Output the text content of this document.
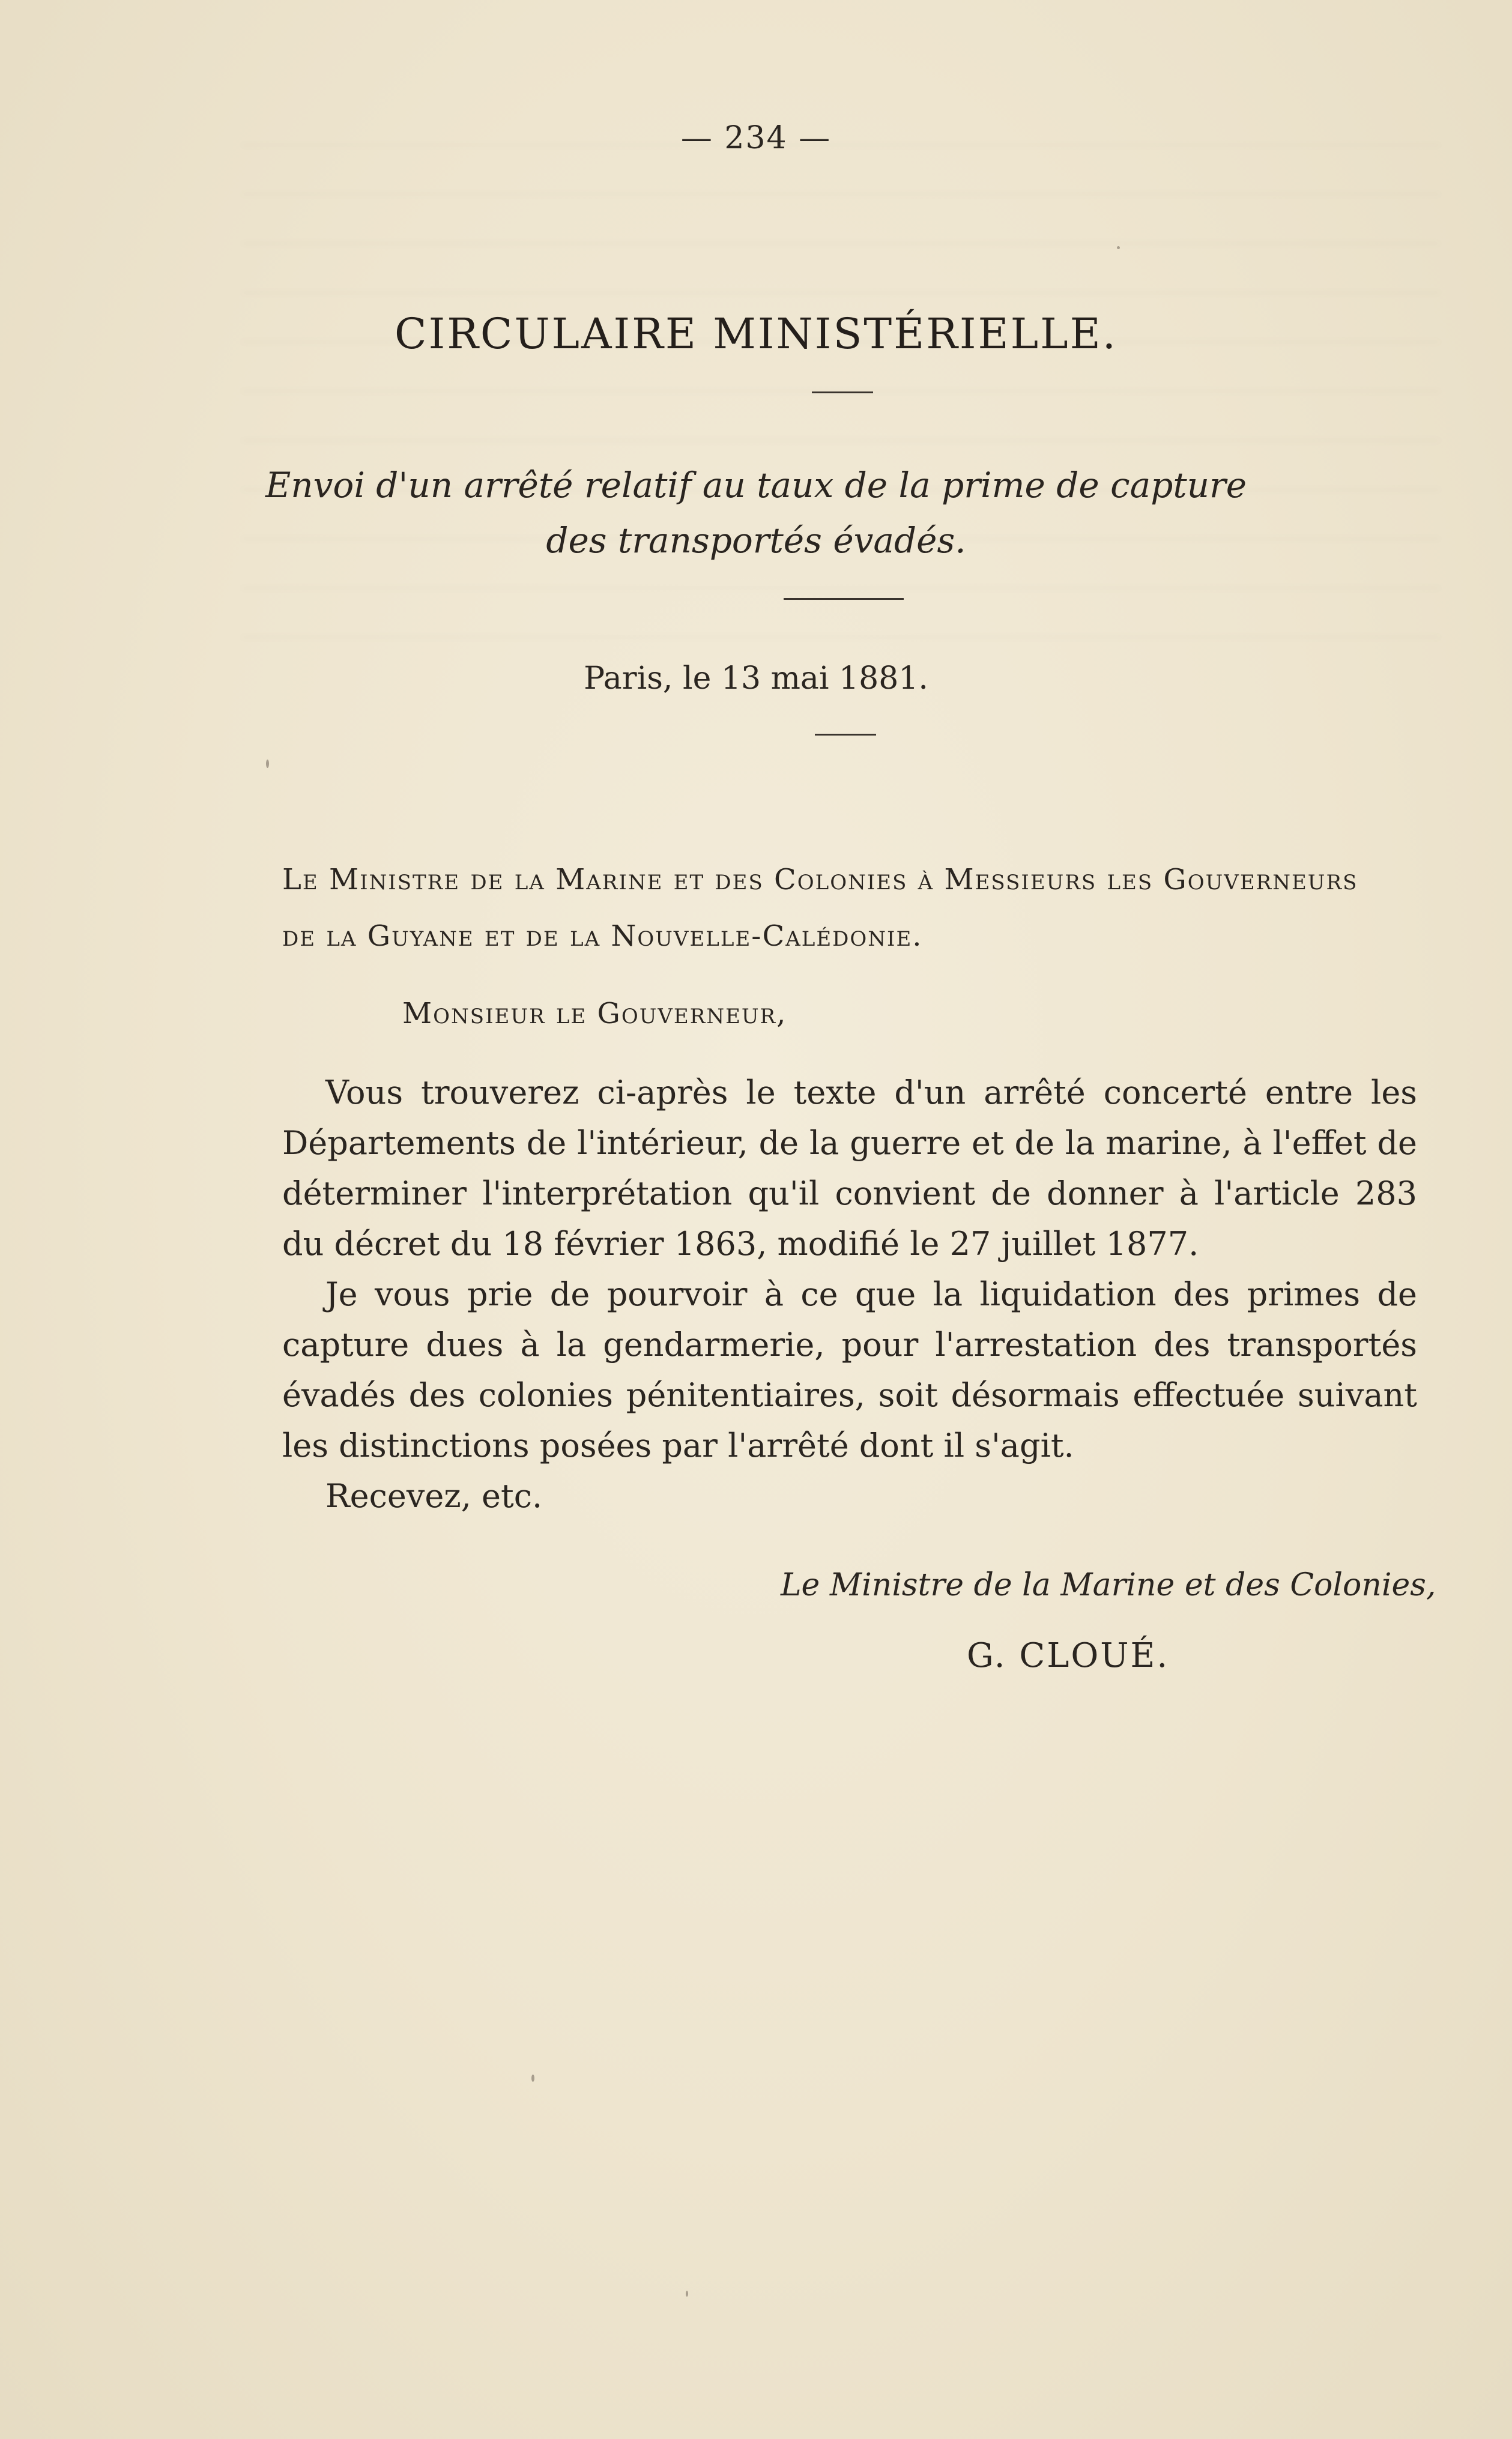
— 234 —
CIRCULAIRE MINISTÉRIELLE.
Envoi d'un arrêté relatif au taux de la prime de capture
des transportés évadés.
Paris, le 13 mai 1881.
Le Ministre de la Marine et des Colonies à Messieurs les Gouverneurs
de la Guyane et de la Nouvelle-Calédonie.
Monsieur le Gouverneur,

Vous trouverez ci-après le texte d'un arrêté concerté entre les Départements de l'intérieur, de la guerre et de la marine, à l'effet de déterminer l'interprétation qu'il convient de donner à l'article 283 du décret du 18 février 1863, modifié le 27 juillet 1877.

Je vous prie de pourvoir à ce que la liquidation des primes de capture dues à la gendarmerie, pour l'arrestation des transportés évadés des colonies pénitentiaires, soit désormais effectuée suivant les distinctions posées par l'arrêté dont il s'agit.

Recevez, etc.

Le Ministre de la Marine et des Colonies,
G. CLOUÉ.
